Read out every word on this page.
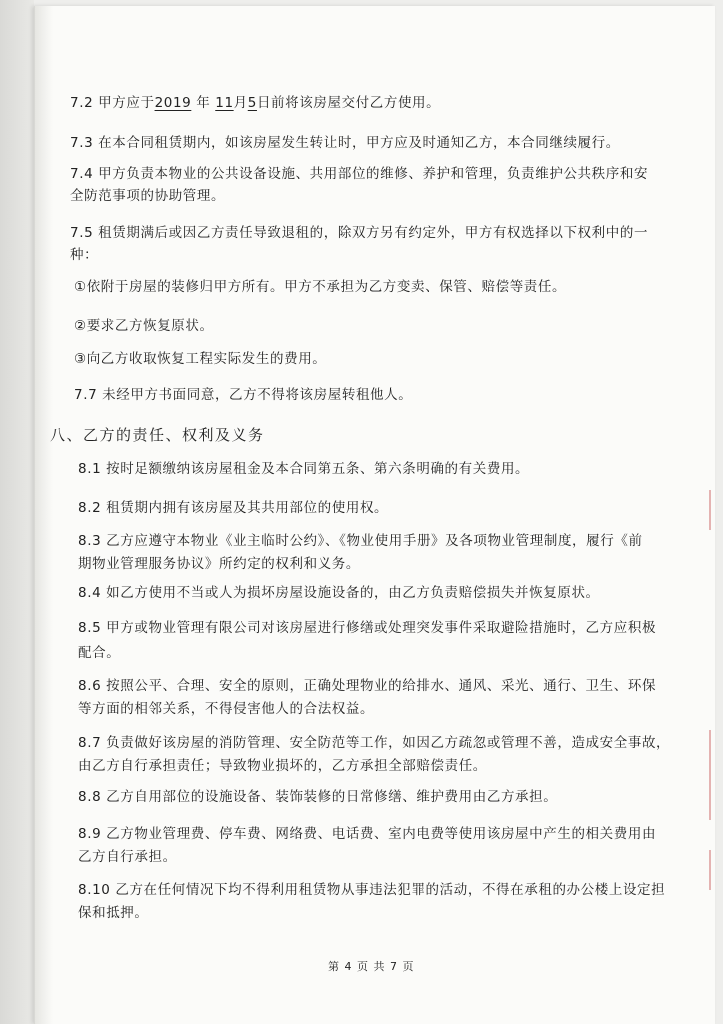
7.2 甲方应于2019 年 11月5日前将该房屋交付乙方使用。
7.3 在本合同租赁期内，如该房屋发生转让时，甲方应及时通知乙方，本合同继续履行。
7.4 甲方负责本物业的公共设备设施、共用部位的维修、养护和管理，负责维护公共秩序和安
全防范事项的协助管理。
7.5 租赁期满后或因乙方责任导致退租的，除双方另有约定外，甲方有权选择以下权利中的一
种：
①依附于房屋的装修归甲方所有。甲方不承担为乙方变卖、保管、赔偿等责任。
②要求乙方恢复原状。
③向乙方收取恢复工程实际发生的费用。
7.7 未经甲方书面同意，乙方不得将该房屋转租他人。
八、乙方的责任、权利及义务
8.1 按时足额缴纳该房屋租金及本合同第五条、第六条明确的有关费用。
8.2 租赁期内拥有该房屋及其共用部位的使用权。
8.3 乙方应遵守本物业《业主临时公约》、《物业使用手册》及各项物业管理制度，履行《前
期物业管理服务协议》所约定的权利和义务。
8.4 如乙方使用不当或人为损坏房屋设施设备的，由乙方负责赔偿损失并恢复原状。
8.5 甲方或物业管理有限公司对该房屋进行修缮或处理突发事件采取避险措施时，乙方应积极
配合。
8.6 按照公平、合理、安全的原则，正确处理物业的给排水、通风、采光、通行、卫生、环保
等方面的相邻关系，不得侵害他人的合法权益。
8.7 负责做好该房屋的消防管理、安全防范等工作，如因乙方疏忽或管理不善，造成安全事故，
由乙方自行承担责任；导致物业损坏的，乙方承担全部赔偿责任。
8.8 乙方自用部位的设施设备、装饰装修的日常修缮、维护费用由乙方承担。
8.9 乙方物业管理费、停车费、网络费、电话费、室内电费等使用该房屋中产生的相关费用由
乙方自行承担。
8.10 乙方在任何情况下均不得利用租赁物从事违法犯罪的活动，不得在承租的办公楼上设定担
保和抵押。
第 4 页 共 7 页
